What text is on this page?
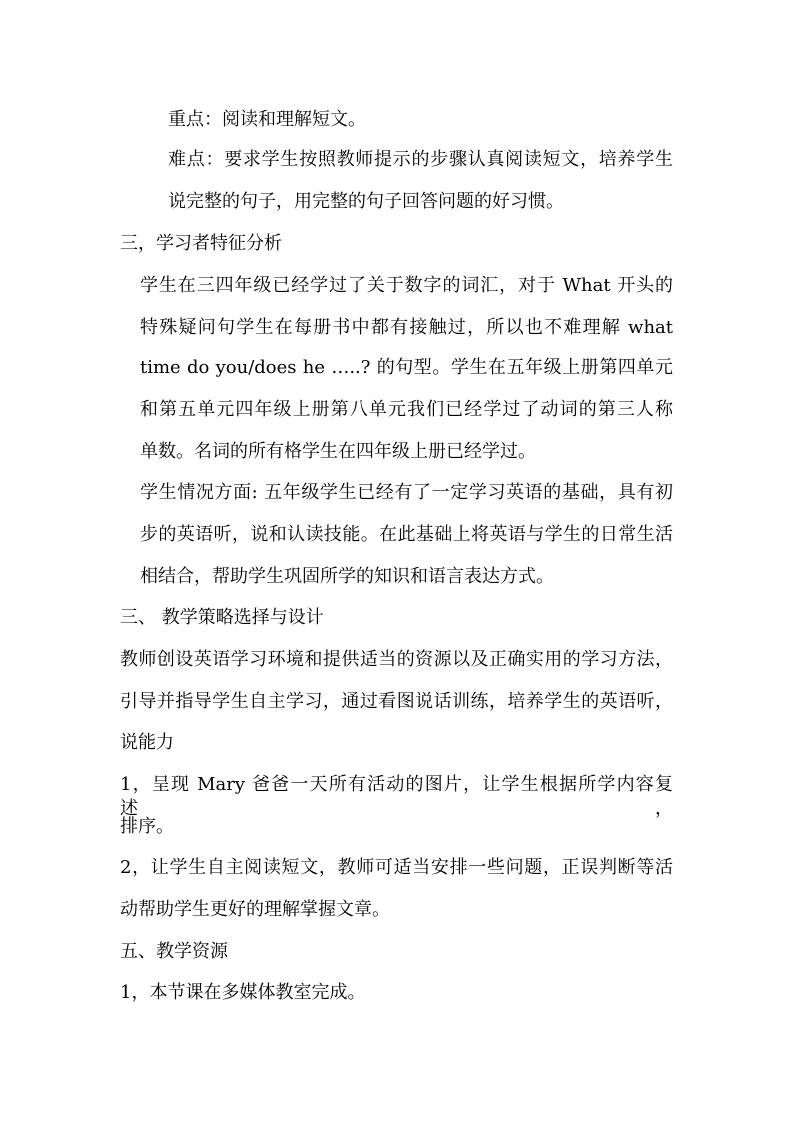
重点：阅读和理解短文。
难点：要求学生按照教师提示的步骤认真阅读短文，培养学生
说完整的句子，用完整的句子回答问题的好习惯。
三，学习者特征分析
学生在三四年级已经学过了关于数字的词汇，对于 What 开头的
特殊疑问句学生在每册书中都有接触过，所以也不难理解 what
time do you/does he …..? 的句型。学生在五年级上册第四单元
和第五单元四年级上册第八单元我们已经学过了动词的第三人称
单数。名词的所有格学生在四年级上册已经学过。
学生情况方面: 五年级学生已经有了一定学习英语的基础，具有初
步的英语听，说和认读技能。在此基础上将英语与学生的日常生活
相结合，帮助学生巩固所学的知识和语言表达方式。
三、 教学策略选择与设计
教师创设英语学习环境和提供适当的资源以及正确实用的学习方法，
引导并指导学生自主学习，通过看图说话训练，培养学生的英语听，
说能力
1，呈现 Mary 爸爸一天所有活动的图片，让学生根据所学内容复述，
排序。
2，让学生自主阅读短文，教师可适当安排一些问题，正误判断等活
动帮助学生更好的理解掌握文章。
五、教学资源
1，本节课在多媒体教室完成。
